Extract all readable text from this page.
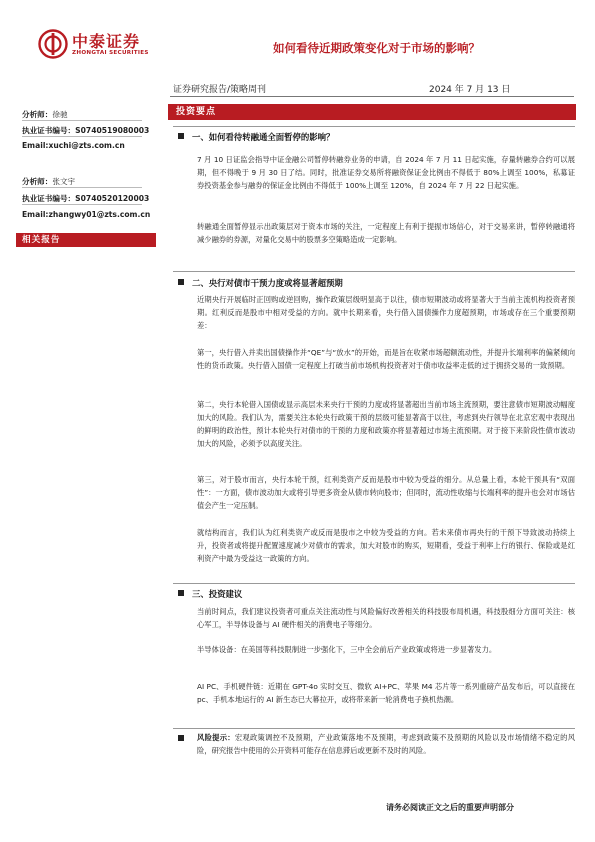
中泰证券
ZHONGTAI SECURITIES	如何看待近期政策变化对于市场的影响？
证券研究报告/策略周刊	2024 年 7 月 13 日
分析师：徐驰
执业证书编号：S0740519080003
Email:xuchi@zts.com.cn
分析师：张文宇
执业证书编号：S0740520120003
Email:zhangwy01@zts.com.cn
相关报告
投资要点
一、如何看待转融通全面暂停的影响？
7 月 10 日证监会指导中证金融公司暂停转融券业务的申请，自 2024 年 7 月 11 日起实施，存量转融券合约可以展期，但不得晚于 9 月 30 日了结。同时，批准证券交易所将融资保证金比例由不得低于 80%上调至 100%，私募证券投资基金参与融券的保证金比例由不得低于 100%上调至 120%，自 2024 年 7 月 22 日起实施。
转融通全面暂停显示出政策层对于资本市场的关注，一定程度上有利于提振市场信心，对于交易来讲，暂停转融通将减少融券的券源，对量化交易中的股票多空策略造成一定影响。
二、央行对债市干预力度或将显著超预期
近期央行开展临时正回购或逆回购，操作政策层级明显高于以往，债市短期波动或将显著大于当前主流机构投资者预期。红利反而是股市中相对受益的方向。就中长期来看，央行借入国债操作力度超预期，市场或存在三个重要预期差：
第一，央行借入并卖出国债操作并“QE”与“放水”的开始，而是旨在收紧市场超额流动性，并提升长端利率的偏紧倾向性的货币政策。央行借入国债一定程度上打破当前市场机构投资者对于债市收益率走低的过于拥挤交易的一致预期。
第二，央行本轮借入国债或显示高层未来央行干预的力度或将显著超出当前市场主流预期，要注意债市短期波动幅度加大的风险。我们认为，需要关注本轮央行政策干预的层级可能显著高于以往，考虑到央行领导在北京宏观中表现出的鲜明的政治性，预计本轮央行对债市的干预的力度和政策亦将显著超过市场主流预期。对于接下来阶段性债市波动加大的风险，必须予以高度关注。
第三，对于股市而言，央行本轮干预，红利类资产反而是股市中较为受益的细分。从总量上看，本轮干预具有“双面性”：一方面，债市波动加大或将引导更多资金从债市转向股市；但同时，流动性收缩与长端利率的提升也会对市场估值会产生一定压制。
就结构而言，我们认为红利类资产或反而是股市之中较为受益的方向。若未来债市再央行的干预下导致波动持续上升，投资者或将提升配置速度减少对债市的需求，加大对股市的购买，短期看，受益于利率上行的银行、保险或是红利资产中最为受益这一政策的方向。
三、投资建议
当前时间点，我们建议投资者可重点关注流动性与风险偏好改善相关的科技股布局机遇，科技股细分方面可关注：核心军工，半导体设备与 AI 硬件相关的消费电子等细分。
半导体设备：在美国等科技限制进一步强化下，三中全会前后产业政策或将进一步显著发力。
AI PC、手机硬件链：近期在 GPT-4o 实时交互、微软 AI+PC、苹果 M4 芯片等一系列重磅产品发布后，可以直接在 pc、手机本地运行的 AI 新生态已大幕拉开，或将带来新一轮消费电子换机热潮。
风险提示：宏观政策调控不及预期，产业政策落地不及预期，考虑到政策不及预期的风险以及市场情绪不稳定的风险，研究报告中使用的公开资料可能存在信息滞后或更新不及时的风险。
请务必阅读正文之后的重要声明部分
